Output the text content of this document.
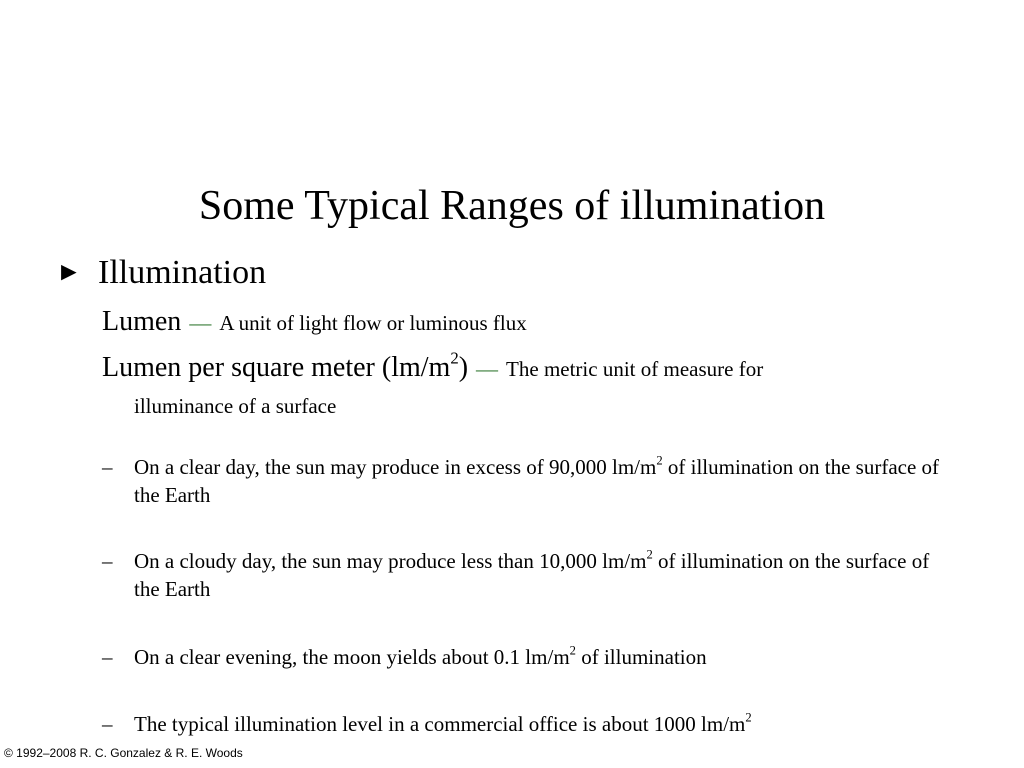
Some Typical Ranges of illumination
► Illumination
Lumen — A unit of light flow or luminous flux
Lumen per square meter $(lm/m^2)$ — The metric unit of measure for
illuminance of a surface
–	On a clear day, the sun may produce in excess of 90,000 $lm/m^2$ of illumination on the surface of the Earth
–	On a cloudy day, the sun may produce less than 10,000 $lm/m^2$ of illumination on the surface of the Earth
–	On a clear evening, the moon yields about 0.1 $lm/m^2$ of illumination
–	The typical illumination level in a commercial office is about 1000 $lm/m^2$
© 1992–2008 R. C. Gonzalez & R. E. Woods
